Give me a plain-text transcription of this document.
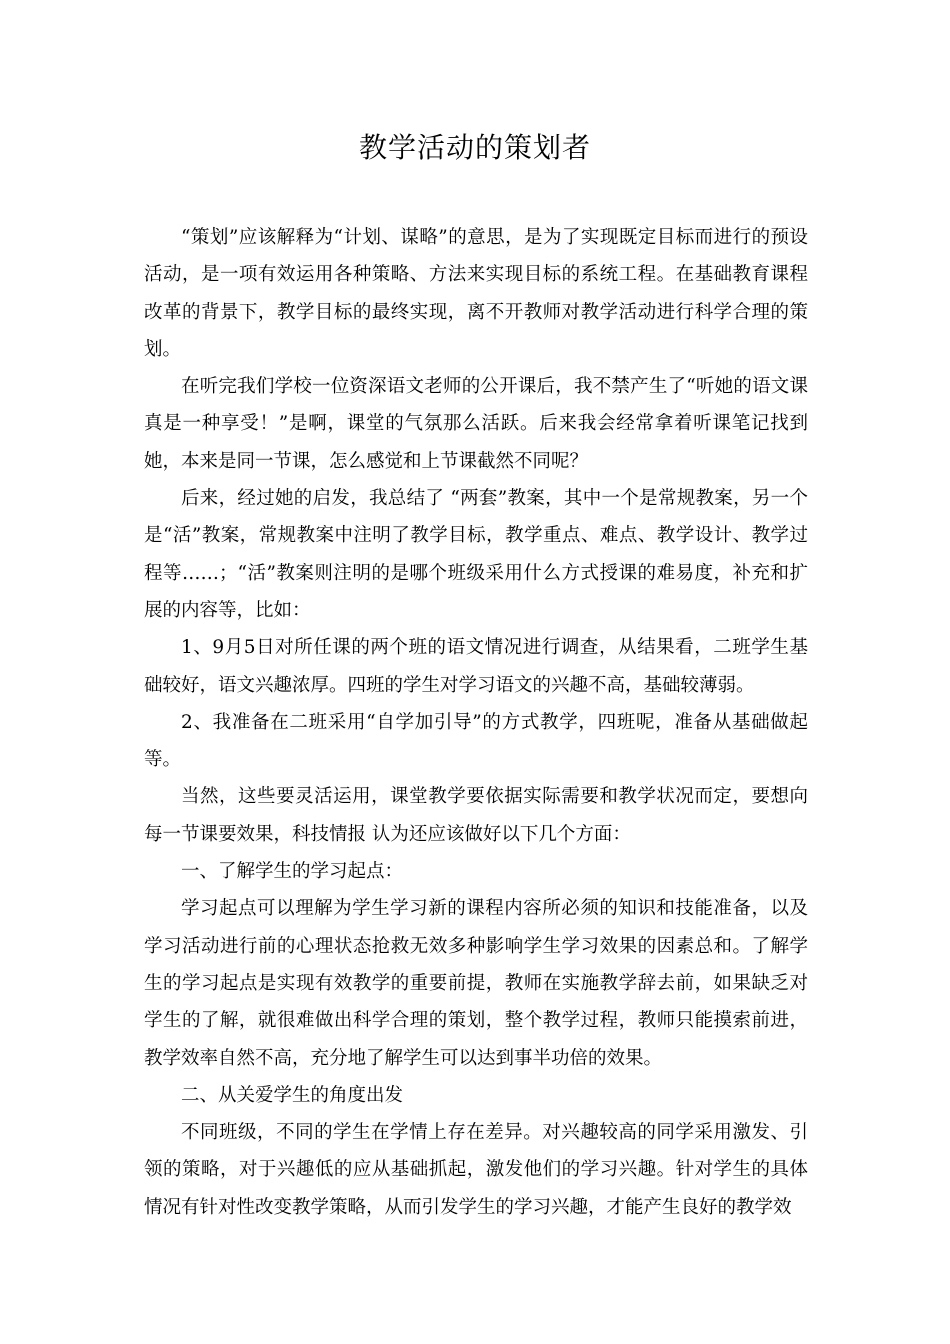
教学活动的策划者

“策划”应该解释为“计划、谋略”的意思，是为了实现既定目标而进行的预设活动，是一项有效运用各种策略、方法来实现目标的系统工程。在基础教育课程改革的背景下，教学目标的最终实现，离不开教师对教学活动进行科学合理的策划。

在听完我们学校一位资深语文老师的公开课后，我不禁产生了“听她的语文课真是一种享受！”是啊，课堂的气氛那么活跃。后来我会经常拿着听课笔记找到她，本来是同一节课，怎么感觉和上节课截然不同呢？

后来，经过她的启发，我总结了 “两套”教案，其中一个是常规教案，另一个是“活”教案，常规教案中注明了教学目标，教学重点、难点、教学设计、教学过程等……；“活”教案则注明的是哪个班级采用什么方式授课的难易度，补充和扩展的内容等，比如：

1、9月5日对所任课的两个班的语文情况进行调查，从结果看，二班学生基础较好，语文兴趣浓厚。四班的学生对学习语文的兴趣不高，基础较薄弱。

2、我准备在二班采用“自学加引导”的方式教学，四班呢，准备从基础做起等。

当然，这些要灵活运用，课堂教学要依据实际需要和教学状况而定，要想向每一节课要效果，科技情报 认为还应该做好以下几个方面：

一、了解学生的学习起点：

学习起点可以理解为学生学习新的课程内容所必须的知识和技能准备，以及学习活动进行前的心理状态抢救无效多种影响学生学习效果的因素总和。了解学生的学习起点是实现有效教学的重要前提，教师在实施教学辞去前，如果缺乏对学生的了解，就很难做出科学合理的策划，整个教学过程，教师只能摸索前进，教学效率自然不高，充分地了解学生可以达到事半功倍的效果。

二、从关爱学生的角度出发

不同班级，不同的学生在学情上存在差异。对兴趣较高的同学采用激发、引领的策略，对于兴趣低的应从基础抓起，激发他们的学习兴趣。针对学生的具体情况有针对性改变教学策略，从而引发学生的学习兴趣，才能产生良好的教学效
